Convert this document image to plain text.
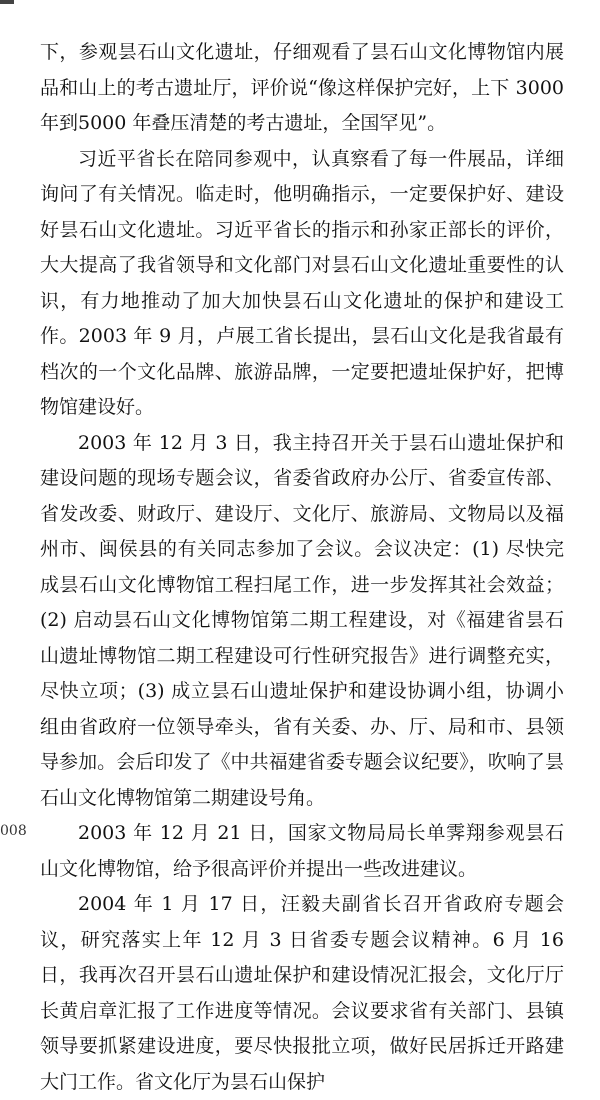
下，参观昙石山文化遗址，仔细观看了昙石山文化博物馆内展品和山上的考古遗址厅，评价说“像这样保护完好，上下 3000 年到5000 年叠压清楚的考古遗址，全国罕见”。

习近平省长在陪同参观中，认真察看了每一件展品，详细询问了有关情况。临走时，他明确指示，一定要保护好、建设好昙石山文化遗址。习近平省长的指示和孙家正部长的评价，大大提高了我省领导和文化部门对昙石山文化遗址重要性的认识，有力地推动了加大加快昙石山文化遗址的保护和建设工作。2003 年 9 月，卢展工省长提出，昙石山文化是我省最有档次的一个文化品牌、旅游品牌，一定要把遗址保护好，把博物馆建设好。

2003 年 12 月 3 日，我主持召开关于昙石山遗址保护和建设问题的现场专题会议，省委省政府办公厅、省委宣传部、省发改委、财政厅、建设厅、文化厅、旅游局、文物局以及福州市、闽侯县的有关同志参加了会议。会议决定：(1) 尽快完成昙石山文化博物馆工程扫尾工作，进一步发挥其社会效益；(2) 启动昙石山文化博物馆第二期工程建设，对《福建省昙石山遗址博物馆二期工程建设可行性研究报告》进行调整充实，尽快立项；(3) 成立昙石山遗址保护和建设协调小组，协调小组由省政府一位领导牵头，省有关委、办、厅、局和市、县领导参加。会后印发了《中共福建省委专题会议纪要》，吹响了昙石山文化博物馆第二期建设号角。

2003 年 12 月 21 日，国家文物局局长单霁翔参观昙石山文化博物馆，给予很高评价并提出一些改进建议。

2004 年 1 月 17 日，汪毅夫副省长召开省政府专题会议，研究落实上年 12 月 3 日省委专题会议精神。6 月 16 日，我再次召开昙石山遗址保护和建设情况汇报会，文化厅厅长黄启章汇报了工作进度等情况。会议要求省有关部门、县镇领导要抓紧建设进度，要尽快报批立项，做好民居拆迁开路建大门工作。省文化厅为昙石山保护

008
